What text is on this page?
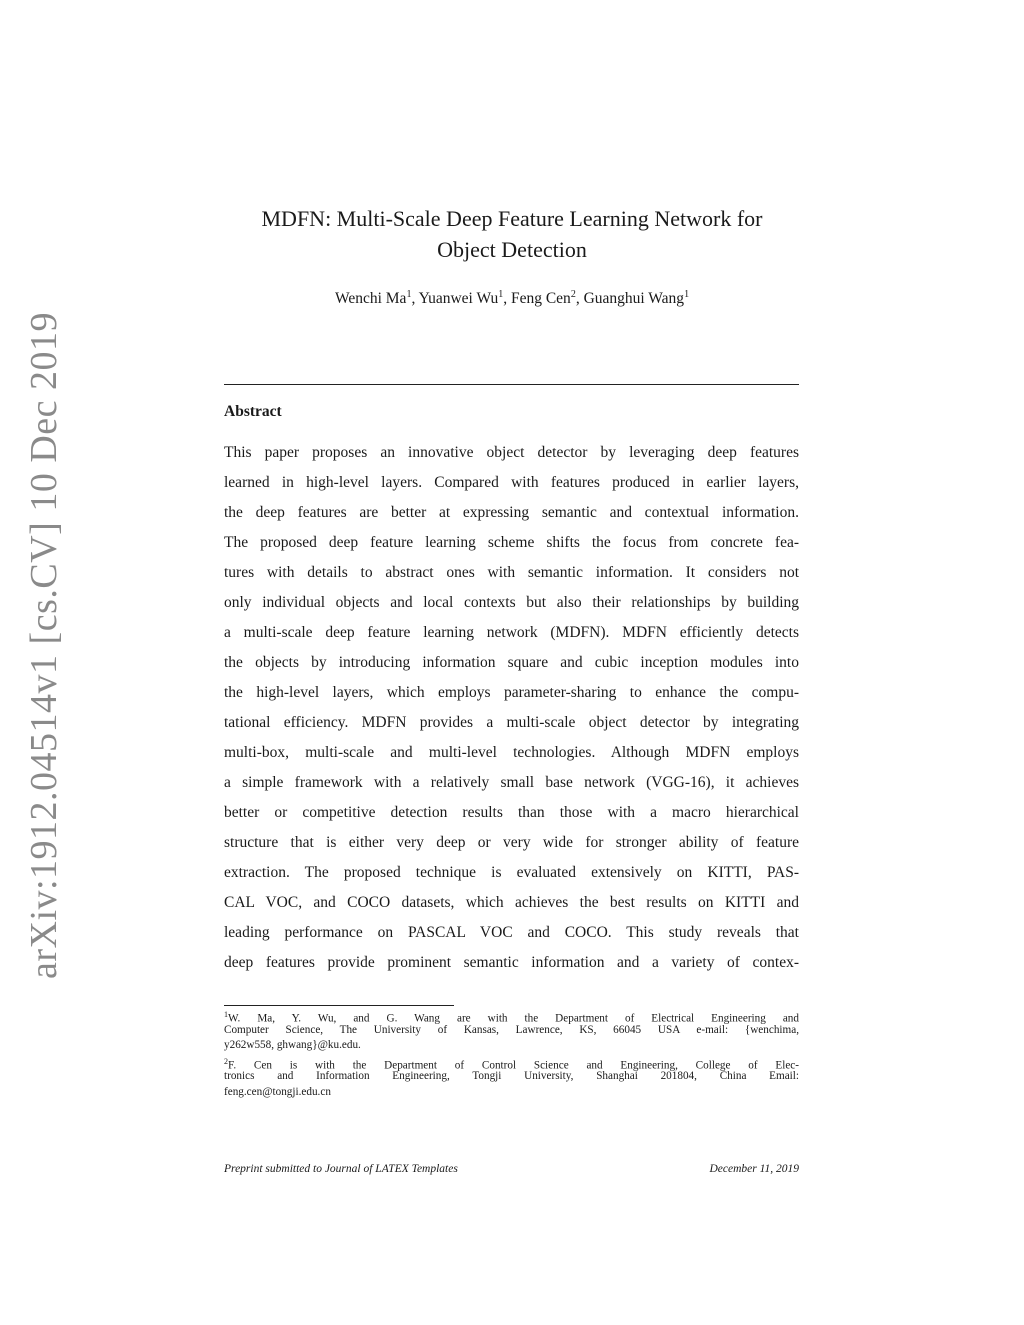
arXiv:1912.04514v1 [cs.CV] 10 Dec 2019
MDFN: Multi-Scale Deep Feature Learning Network for
Object Detection
Wenchi Ma$^1$, Yuanwei Wu$^1$, Feng Cen$^2$, Guanghui Wang$^1$
Abstract
This paper proposes an innovative object detector by leveraging deep features
learned in high-level layers. Compared with features produced in earlier layers,
the deep features are better at expressing semantic and contextual information.
The proposed deep feature learning scheme shifts the focus from concrete fea-
tures with details to abstract ones with semantic information. It considers not
only individual objects and local contexts but also their relationships by building
a multi-scale deep feature learning network (MDFN). MDFN efficiently detects
the objects by introducing information square and cubic inception modules into
the high-level layers, which employs parameter-sharing to enhance the compu-
tational efficiency. MDFN provides a multi-scale object detector by integrating
multi-box, multi-scale and multi-level technologies. Although MDFN employs
a simple framework with a relatively small base network (VGG-16), it achieves
better or competitive detection results than those with a macro hierarchical
structure that is either very deep or very wide for stronger ability of feature
extraction. The proposed technique is evaluated extensively on KITTI, PAS-
CAL VOC, and COCO datasets, which achieves the best results on KITTI and
leading performance on PASCAL VOC and COCO. This study reveals that
deep features provide prominent semantic information and a variety of contex-
$^1$W. Ma, Y. Wu, and G. Wang are with the Department of Electrical Engineering and
Computer Science, The University of Kansas, Lawrence, KS, 66045 USA e-mail: {wenchima,
y262w558, ghwang}@ku.edu.
$^2$F. Cen is with the Department of Control Science and Engineering, College of Elec-
tronics and Information Engineering, Tongji University, Shanghai 201804, China Email:
feng.cen@tongji.edu.cn
Preprint submitted to Journal of LATEX Templates	December 11, 2019
